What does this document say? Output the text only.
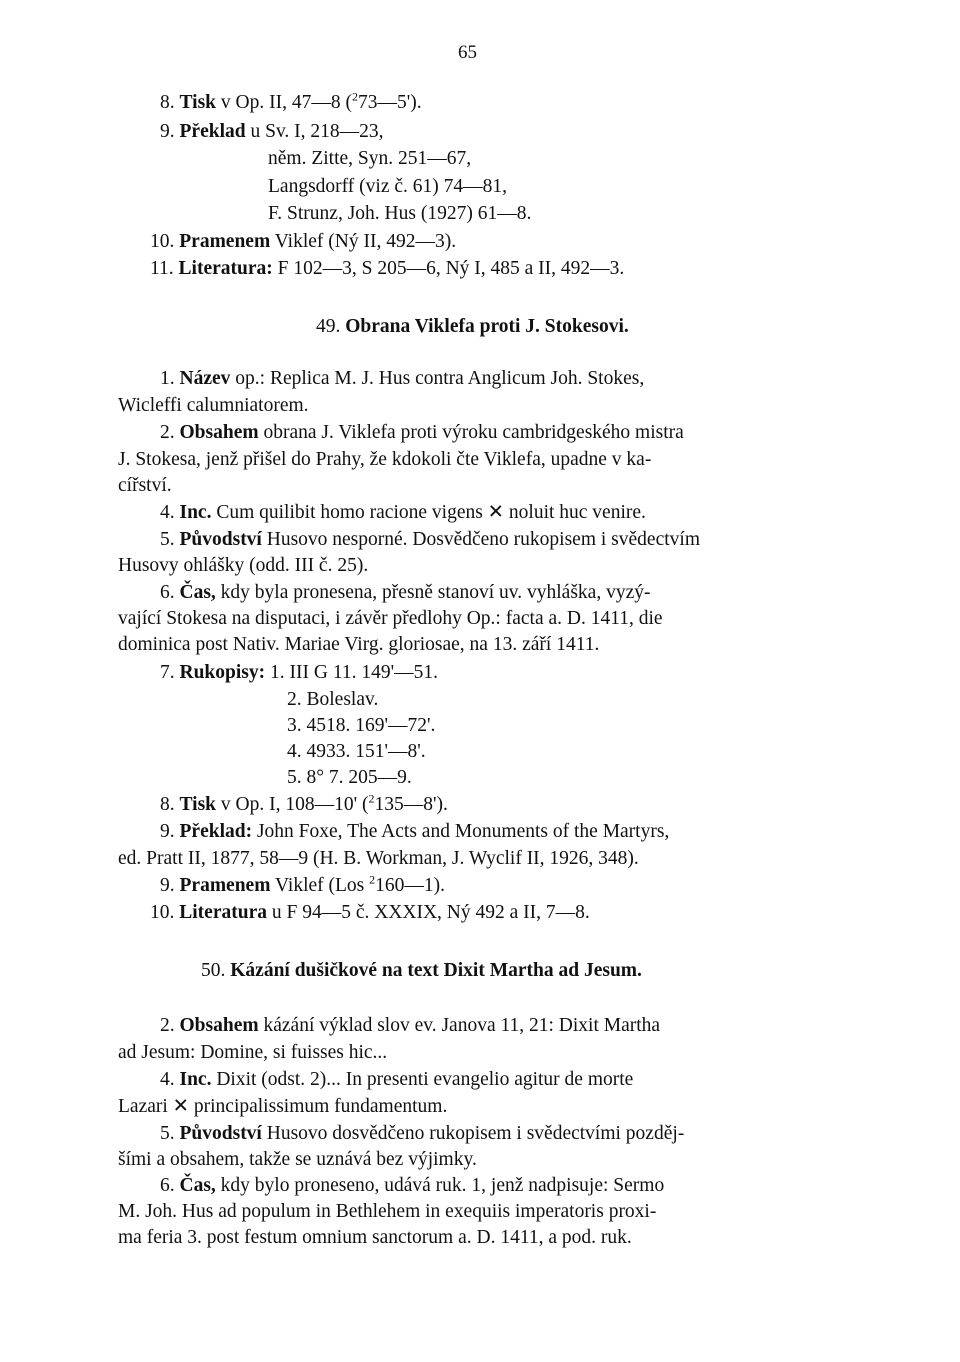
65
8. Tisk v Op. II, 47—8 ($^2$73—5').
9. Překlad u Sv. I, 218—23,
něm. Zitte, Syn. 251—67,
Langsdorff (viz č. 61) 74—81,
F. Strunz, Joh. Hus (1927) 61—8.
10. Pramenem Viklef (Ný II, 492—3).
11. Literatura: F 102—3, S 205—6, Ný I, 485 a II, 492—3.
49. Obrana Viklefa proti J. Stokesovi.
1. Název op.: Replica M. J. Hus contra Anglicum Joh. Stokes,
Wicleffi calumniatorem.
2. Obsahem obrana J. Viklefa proti výroku cambridgeského mistra
J. Stokesa, jenž přišel do Prahy, že kdokoli čte Viklefa, upadne v ka-
cířství.
4. Inc. Cum quilibit homo racione vigens ✕ noluit huc venire.
5. Původství Husovo nesporné. Dosvědčeno rukopisem i svědectvím
Husovy ohlášky (odd. III č. 25).
6. Čas, kdy byla pronesena, přesně stanoví uv. vyhláška, vyzý-
vající Stokesa na disputaci, i závěr předlohy Op.: facta a. D. 1411, die
dominica post Nativ. Mariae Virg. gloriosae, na 13. září 1411.
7. Rukopisy: 1. III G 11. 149'—51.
2. Boleslav.
3. 4518. 169'—72'.
4. 4933. 151'—8'.
5. 8° 7. 205—9.
8. Tisk v Op. I, 108—10' ($^2$135—8').
9. Překlad: John Foxe, The Acts and Monuments of the Martyrs,
ed. Pratt II, 1877, 58—9 (H. B. Workman, J. Wyclif II, 1926, 348).
9. Pramenem Viklef (Los $^2$160—1).
10. Literatura u F 94—5 č. XXXIX, Ný 492 a II, 7—8.
50. Kázání dušičkové na text Dixit Martha ad Jesum.
2. Obsahem kázání výklad slov ev. Janova 11, 21: Dixit Martha
ad Jesum: Domine, si fuisses hic...
4. Inc. Dixit (odst. 2)... In presenti evangelio agitur de morte
Lazari ✕ principalissimum fundamentum.
5. Původství Husovo dosvědčeno rukopisem i svědectvími pozděj-
šími a obsahem, takže se uznává bez výjimky.
6. Čas, kdy bylo proneseno, udává ruk. 1, jenž nadpisuje: Sermo
M. Joh. Hus ad populum in Bethlehem in exequiis imperatoris proxi-
ma feria 3. post festum omnium sanctorum a. D. 1411, a pod. ruk.
